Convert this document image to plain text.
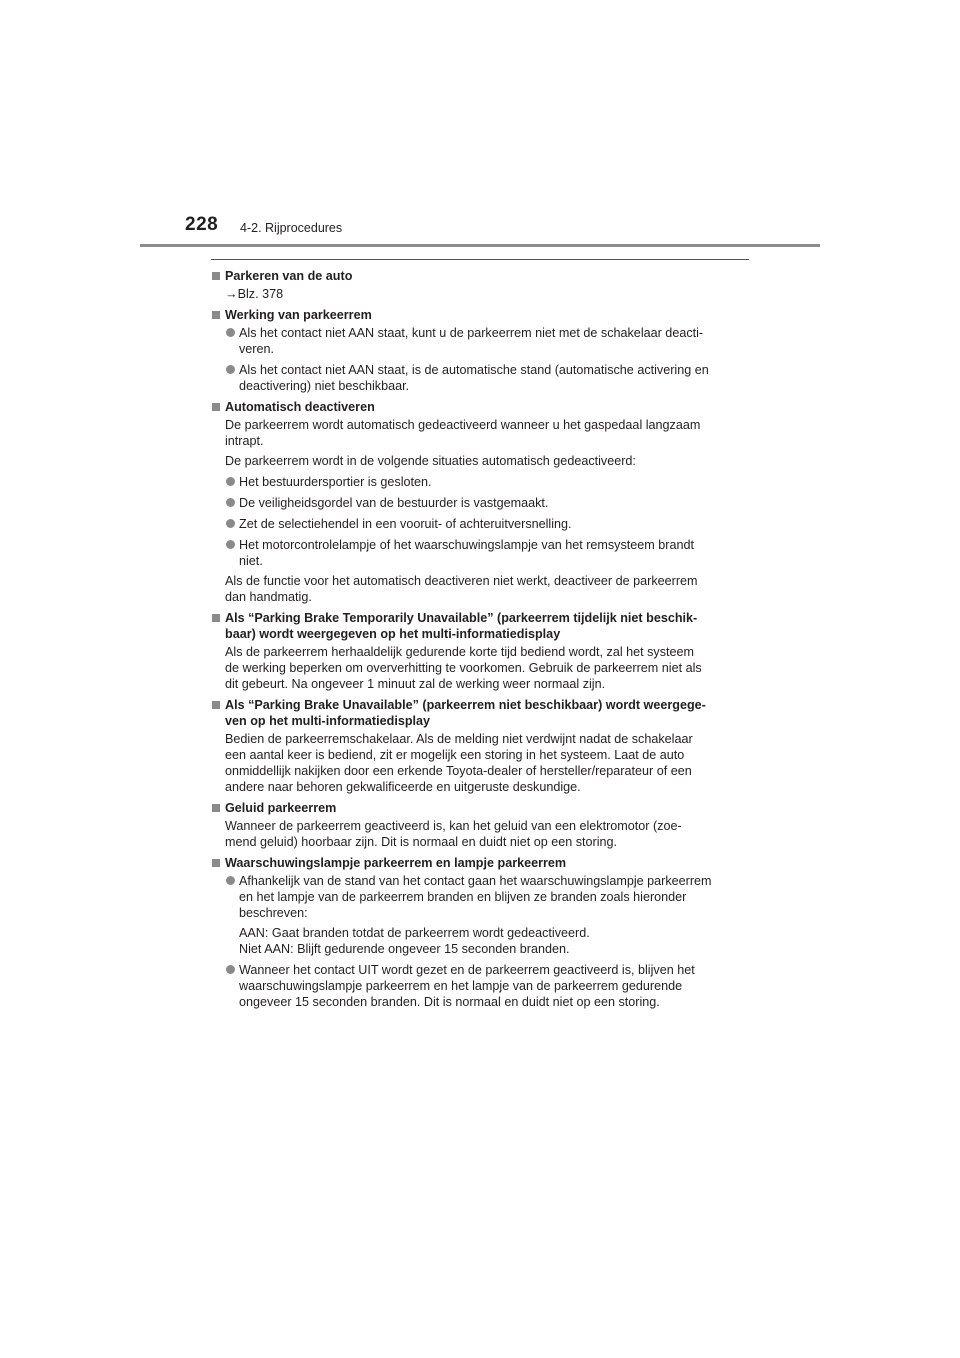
228 4-2. Rijprocedures
Parkeren van de auto
→Blz. 378
Werking van parkeerrem
Als het contact niet AAN staat, kunt u de parkeerrem niet met de schakelaar deacti-
veren.
Als het contact niet AAN staat, is de automatische stand (automatische activering en
deactivering) niet beschikbaar.
Automatisch deactiveren
De parkeerrem wordt automatisch gedeactiveerd wanneer u het gaspedaal langzaam
intrapt.
De parkeerrem wordt in de volgende situaties automatisch gedeactiveerd:
Het bestuurdersportier is gesloten.
De veiligheidsgordel van de bestuurder is vastgemaakt.
Zet de selectiehendel in een vooruit- of achteruitversnelling.
Het motorcontrolelampje of het waarschuwingslampje van het remsysteem brandt
niet.
Als de functie voor het automatisch deactiveren niet werkt, deactiveer de parkeerrem
dan handmatig.
Als “Parking Brake Temporarily Unavailable” (parkeerrem tijdelijk niet beschik-
baar) wordt weergegeven op het multi-informatiedisplay
Als de parkeerrem herhaaldelijk gedurende korte tijd bediend wordt, zal het systeem
de werking beperken om oververhitting te voorkomen. Gebruik de parkeerrem niet als
dit gebeurt. Na ongeveer 1 minuut zal de werking weer normaal zijn.
Als “Parking Brake Unavailable” (parkeerrem niet beschikbaar) wordt weergege-
ven op het multi-informatiedisplay
Bedien de parkeerremschakelaar. Als de melding niet verdwijnt nadat de schakelaar
een aantal keer is bediend, zit er mogelijk een storing in het systeem. Laat de auto
onmiddellijk nakijken door een erkende Toyota-dealer of hersteller/reparateur of een
andere naar behoren gekwalificeerde en uitgeruste deskundige.
Geluid parkeerrem
Wanneer de parkeerrem geactiveerd is, kan het geluid van een elektromotor (zoe-
mend geluid) hoorbaar zijn. Dit is normaal en duidt niet op een storing.
Waarschuwingslampje parkeerrem en lampje parkeerrem
Afhankelijk van de stand van het contact gaan het waarschuwingslampje parkeerrem
en het lampje van de parkeerrem branden en blijven ze branden zoals hieronder
beschreven:
AAN: Gaat branden totdat de parkeerrem wordt gedeactiveerd.
Niet AAN: Blijft gedurende ongeveer 15 seconden branden.
Wanneer het contact UIT wordt gezet en de parkeerrem geactiveerd is, blijven het
waarschuwingslampje parkeerrem en het lampje van de parkeerrem gedurende
ongeveer 15 seconden branden. Dit is normaal en duidt niet op een storing.
